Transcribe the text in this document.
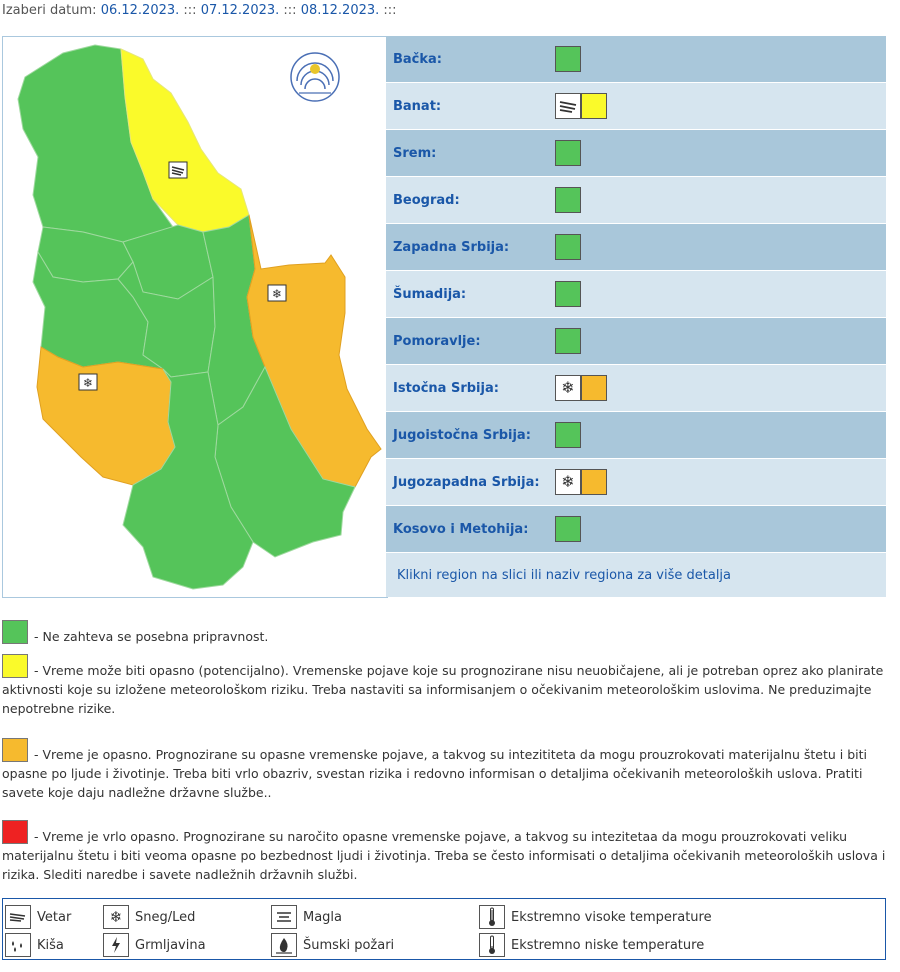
Izaberi datum: 06.12.2023. ::: 07.12.2023. ::: 08.12.2023. :::
❄
❄
Bačka:
Banat:
Srem:
Beograd:
Zapadna Srbija:
Šumadija:
Pomoravlje:
Istočna Srbija:	❄
Jugoistočna Srbija:
Jugozapadna Srbija:	❄
Kosovo i Metohija:
Klikni region na slici ili naziv regiona za više detalja
- Ne zahteva se posebna pripravnost.
- Vreme može biti opasno (potencijalno). Vremenske pojave koje su prognozirane nisu neuobičajene, ali je potreban oprez ako planirate aktivnosti koje su izložene meteorološkom riziku. Treba nastaviti sa informisanjem o očekivanim meteorološkim uslovima. Ne preduzimajte nepotrebne rizike.
- Vreme je opasno. Prognozirane su opasne vremenske pojave, a takvog su intezititeta da mogu prouzrokovati materijalnu štetu i biti opasne po ljude i životinje. Treba biti vrlo obazriv, svestan rizika i redovno informisan o detaljima očekivanih meteoroloških uslova. Pratiti savete koje daju nadležne državne službe..
- Vreme je vrlo opasno. Prognozirane su naročito opasne vremenske pojave, a takvog su intezitetaa da mogu prouzrokovati veliku materijalnu štetu i biti veoma opasne po bezbednost ljudi i životinja. Treba se često informisati o detaljima očekivanih meteoroloških uslova i rizika. Slediti naredbe i savete nadležnih državnih službi.
Vetar
Kiša
❄ Sneg/Led
Grmljavina
Magla
Šumski požari
Ekstremno visoke temperature
Ekstremno niske temperature
